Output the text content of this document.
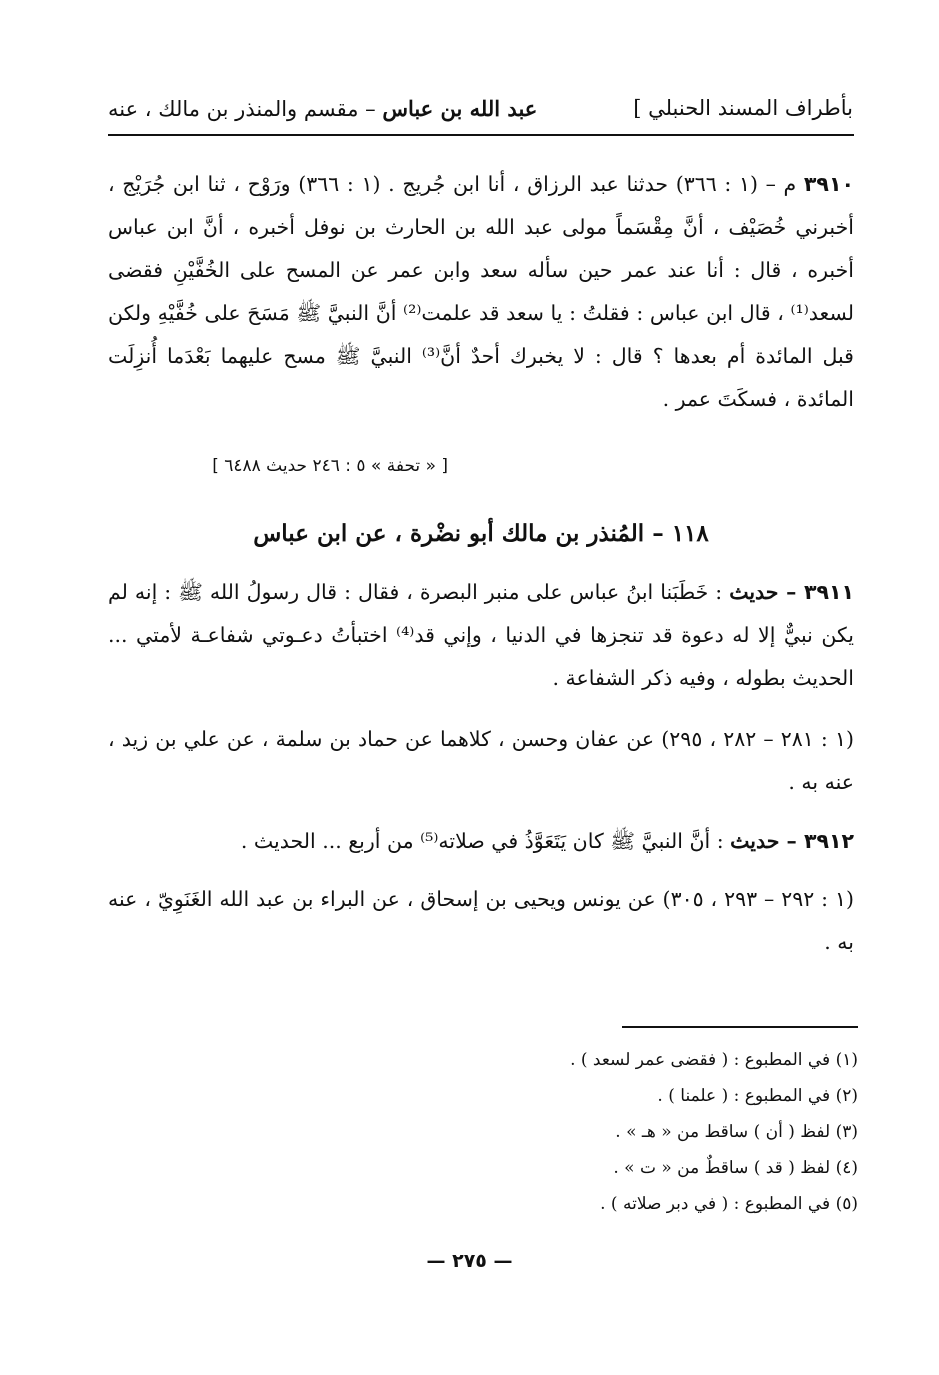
بأطراف المسند الحنبلي ]
عبد الله بن عباس – مقسم والمنذر بن مالك ، عنه
٣٩١٠ م – (١ : ٣٦٦) حدثنا عبد الرزاق ، أنا ابن جُريج . (١ : ٣٦٦) ورَوْح ، ثنا ابن جُرَيْج ، أخبرني خُصَيْف ، أنَّ مِقْسَماً مولى عبد الله بن الحارث بن نوفل أخبره ، أنَّ ابن عباس أخبره ، قال : أنا عند عمر حين سأله سعد وابن عمر عن المسح على الخُفَّيْنِ فقضى لسعد⁽¹⁾ ، قال ابن عباس : فقلتُ : يا سعد قد علمت⁽²⁾ أنَّ النبيَّ ﷺ مَسَحَ على خُفَّيْهِ ولكن قبل المائدة أم بعدها ؟ قال : لا يخبرك أحدٌ أنَّ⁽³⁾ النبيَّ ﷺ مسح عليهما بَعْدَما أُنزِلَت المائدة ، فسكَتَ عمر .
[ « تحفة » ٥ : ٢٤٦ حديث ٦٤٨٨ ]
١١٨ – المُنذر بن مالك أبو نضْرة ، عن ابن عباس
٣٩١١ – حديث : خَطَبَنا ابنُ عباس على منبر البصرة ، فقال : قال رسولُ الله ﷺ : إنه لم يكن نبيٌّ إلا له دعوة قد تنجزها في الدنيا ، وإني قد⁽⁴⁾ اختبأتُ دعـوتي شفاعـة لأمتي ... الحديث بطوله ، وفيه ذكر الشفاعة .
(١ : ٢٨١ – ٢٨٢ ، ٢٩٥) عن عفان وحسن ، كلاهما عن حماد بن سلمة ، عن علي بن زيد ، عنه به .
٣٩١٢ – حديث : أنَّ النبيَّ ﷺ كان يَتَعَوَّذُ في صلاته⁽⁵⁾ من أربع ... الحديث .
(١ : ٢٩٢ – ٢٩٣ ، ٣٠٥) عن يونس ويحيى بن إسحاق ، عن البراء بن عبد الله الغَنَوِيّ ، عنه به .
(١) في المطبوع : ( فقضى عمر لسعد ) .
(٢) في المطبوع : ( علمنا ) .
(٣) لفظ ( أن ) ساقط من « هـ » .
(٤) لفظ ( قد ) ساقطٌ من « ت » .
(٥) في المطبوع : ( في دبر صلاته ) .
— ٢٧٥ —
